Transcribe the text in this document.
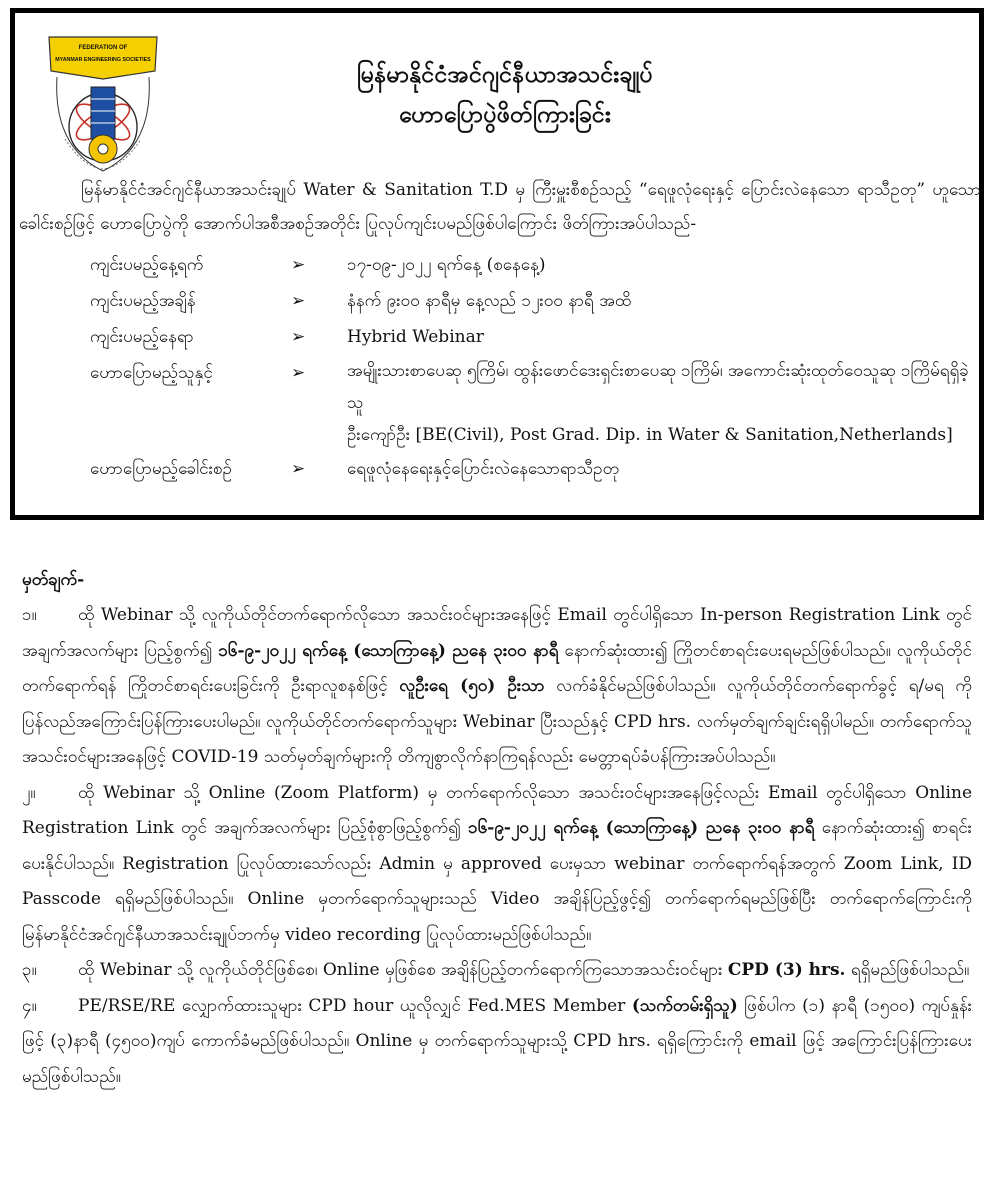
FEDERATION OF
MYANMAR ENGINEERING SOCIETIES
မြန်မာနိုင်ငံအင်ဂျင်နီယာအသင်းချုပ်
ဟောပြောပွဲဖိတ်ကြားခြင်း

မြန်မာနိုင်ငံအင်ဂျင်နီယာအသင်းချုပ် Water & Sanitation T.D မှ ကြီးမှူးစီစဉ်သည့် “ရေဖူလုံရေးနှင့် ပြောင်းလဲနေသော ရာသီဥတု” ဟူသော ခေါင်းစဉ်ဖြင့် ဟောပြောပွဲကို အောက်ပါအစီအစဉ်အတိုင်း ပြုလုပ်ကျင်းပမည်ဖြစ်ပါကြောင်း ဖိတ်ကြားအပ်ပါသည်-

ကျင်းပမည့်နေ့ရက်	➢	၁၇-၀၉-၂၀၂၂ ရက်နေ့ (စနေနေ့)
ကျင်းပမည့်အချိန်	➢	နံနက် ၉း၀၀ နာရီမှ နေ့လည် ၁၂း၀၀ နာရီ အထိ
ကျင်းပမည့်နေရာ	➢	Hybrid Webinar
ဟောပြောမည့်သူနှင့်	➢	အမျိုးသားစာပေဆု ၅ကြိမ်၊ ထွန်းဖောင်ဒေးရှင်းစာပေဆု ၁ကြိမ်၊ အကောင်းဆုံးထုတ်ဝေသူဆု ၁ကြိမ်ရရှိခဲ့သူ
ဦးကျော်ဦး [BE(Civil), Post Grad. Dip. in Water & Sanitation,Netherlands]
ဟောပြောမည့်ခေါင်းစဉ်	➢	ရေဖူလုံနေရေးနှင့်ပြောင်းလဲနေသောရာသီဥတု
မှတ်ချက်-

၁။ ထို Webinar သို့ လူကိုယ်တိုင်တက်ရောက်လိုသော အသင်းဝင်များအနေဖြင့် Email တွင်ပါရှိသော In-person Registration Link တွင် အချက်အလက်များ ပြည့်စွက်၍ ၁၆-၉-၂၀၂၂ ရက်နေ့ (သောကြာနေ့) ညနေ ၃း၀၀ နာရီ နောက်ဆုံးထား၍ ကြိုတင်စာရင်းပေးရမည်ဖြစ်ပါသည်။ လူကိုယ်တိုင်တက်ရောက်ရန် ကြိုတင်စာရင်းပေးခြင်းကို ဦးရာလူစနစ်ဖြင့် လူဦးရေ (၅၀) ဦးသာ လက်ခံနိုင်မည်ဖြစ်ပါသည်။ လူကိုယ်တိုင်တက်ရောက်ခွင့် ရ/မရ ကို ပြန်လည်အကြောင်းပြန်ကြားပေးပါမည်။ လူကိုယ်တိုင်တက်ရောက်သူများ Webinar ပြီးသည်နှင့် CPD hrs. လက်မှတ်ချက်ချင်းရရှိပါမည်။ တက်ရောက်သူအသင်းဝင်များအနေဖြင့် COVID-19 သတ်မှတ်ချက်များကို တိကျစွာလိုက်နာကြရန်လည်း မေတ္တာရပ်ခံပန်ကြားအပ်ပါသည်။

၂။	ထို Webinar သို့ Online (Zoom Platform) မှ တက်ရောက်လိုသော အသင်းဝင်များအနေဖြင့်လည်း Email တွင်ပါရှိသော Online Registration Link တွင် အချက်အလက်များ ပြည့်စုံစွာဖြည့်စွက်၍ ၁၆-၉-၂၀၂၂ ရက်နေ့ (သောကြာနေ့) ညနေ ၃း၀၀ နာရီ နောက်ဆုံးထား၍ စာရင်းပေးနိုင်ပါသည်။ Registration ပြုလုပ်ထားသော်လည်း Admin မှ approved ပေးမှသာ webinar တက်ရောက်ရန်အတွက် Zoom Link, ID Passcode ရရှိမည်ဖြစ်ပါသည်။ Online မှတက်ရောက်သူများသည် Video အချိန်ပြည့်ဖွင့်၍ တက်ရောက်ရမည်ဖြစ်ပြီး တက်ရောက်ကြောင်းကို မြန်မာနိုင်ငံအင်ဂျင်နီယာအသင်းချုပ်ဘက်မှ video recording ပြုလုပ်ထားမည်ဖြစ်ပါသည်။

၃။ ထို Webinar သို့ လူကိုယ်တိုင်ဖြစ်စေ၊ Online မှဖြစ်စေ အချိန်ပြည့်တက်ရောက်ကြသောအသင်းဝင်များ CPD (3) hrs. ရရှိမည်ဖြစ်ပါသည်။

၄။ PE/RSE/RE လျှောက်ထားသူများ CPD hour ယူလိုလျှင် Fed.MES Member (သက်တမ်းရှိသူ) ဖြစ်ပါက (၁) နာရီ (၁၅၀၀) ကျပ်နှုန်းဖြင့် (၃)နာရီ (၄၅၀၀)ကျပ် ကောက်ခံမည်ဖြစ်ပါသည်။ Online မှ တက်ရောက်သူများသို့ CPD hrs. ရရှိကြောင်းကို email ဖြင့် အကြောင်းပြန်ကြားပေးမည်ဖြစ်ပါသည်။
